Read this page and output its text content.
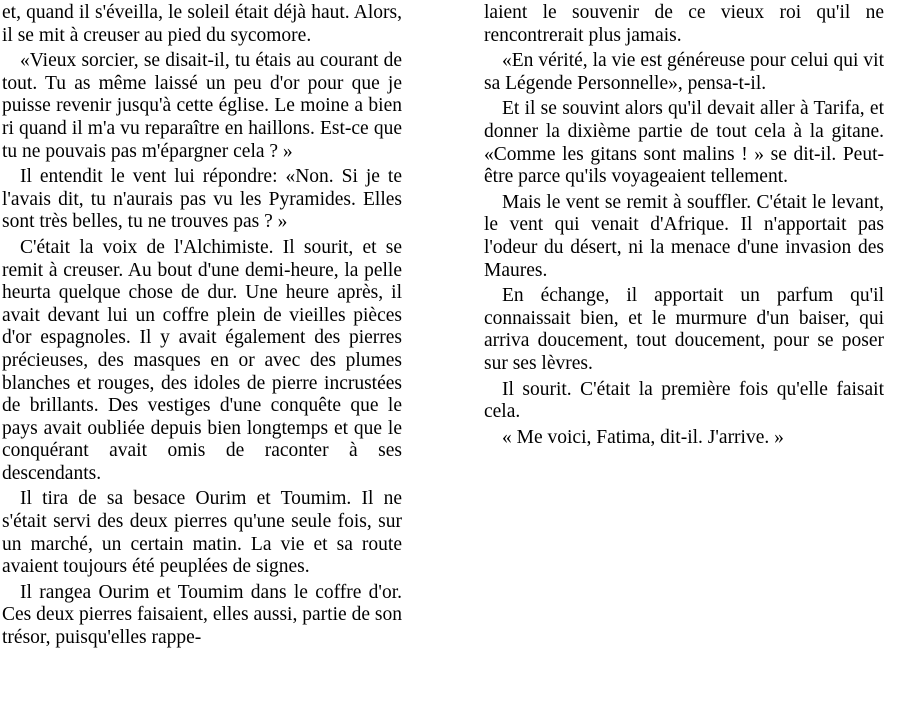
et, quand il s'éveilla, le soleil était déjà haut. Alors, il se mit à creuser au pied du sycomore.

«Vieux sorcier, se disait-il, tu étais au courant de tout. Tu as même laissé un peu d'or pour que je puisse revenir jusqu'à cette église. Le moine a bien ri quand il m'a vu reparaître en haillons. Est-ce que tu ne pouvais pas m'épargner cela ? »

Il entendit le vent lui répondre: «Non. Si je te l'avais dit, tu n'aurais pas vu les Pyramides. Elles sont très belles, tu ne trouves pas ? »

C'était la voix de l'Alchimiste. Il sourit, et se remit à creuser. Au bout d'une demi-heure, la pelle heurta quelque chose de dur. Une heure après, il avait devant lui un coffre plein de vieilles pièces d'or espagnoles. Il y avait également des pierres précieuses, des masques en or avec des plumes blanches et rouges, des idoles de pierre incrustées de brillants. Des vestiges d'une conquête que le pays avait oubliée depuis bien longtemps et que le conquérant avait omis de raconter à ses descendants.

Il tira de sa besace Ourim et Toumim. Il ne s'était servi des deux pierres qu'une seule fois, sur un marché, un certain matin. La vie et sa route avaient toujours été peuplées de signes.

Il rangea Ourim et Toumim dans le coffre d'or. Ces deux pierres faisaient, elles aussi, partie de son trésor, puisqu'elles rappe-

laient le souvenir de ce vieux roi qu'il ne rencontrerait plus jamais.

«En vérité, la vie est généreuse pour celui qui vit sa Légende Personnelle», pensa-t-il.

Et il se souvint alors qu'il devait aller à Tarifa, et donner la dixième partie de tout cela à la gitane. «Comme les gitans sont malins ! » se dit-il. Peut-être parce qu'ils voyageaient tellement.

Mais le vent se remit à souffler. C'était le levant, le vent qui venait d'Afrique. Il n'apportait pas l'odeur du désert, ni la menace d'une invasion des Maures.

En échange, il apportait un parfum qu'il connaissait bien, et le murmure d'un baiser, qui arriva doucement, tout doucement, pour se poser sur ses lèvres.

Il sourit. C'était la première fois qu'elle faisait cela.

« Me voici, Fatima, dit-il. J'arrive. »
